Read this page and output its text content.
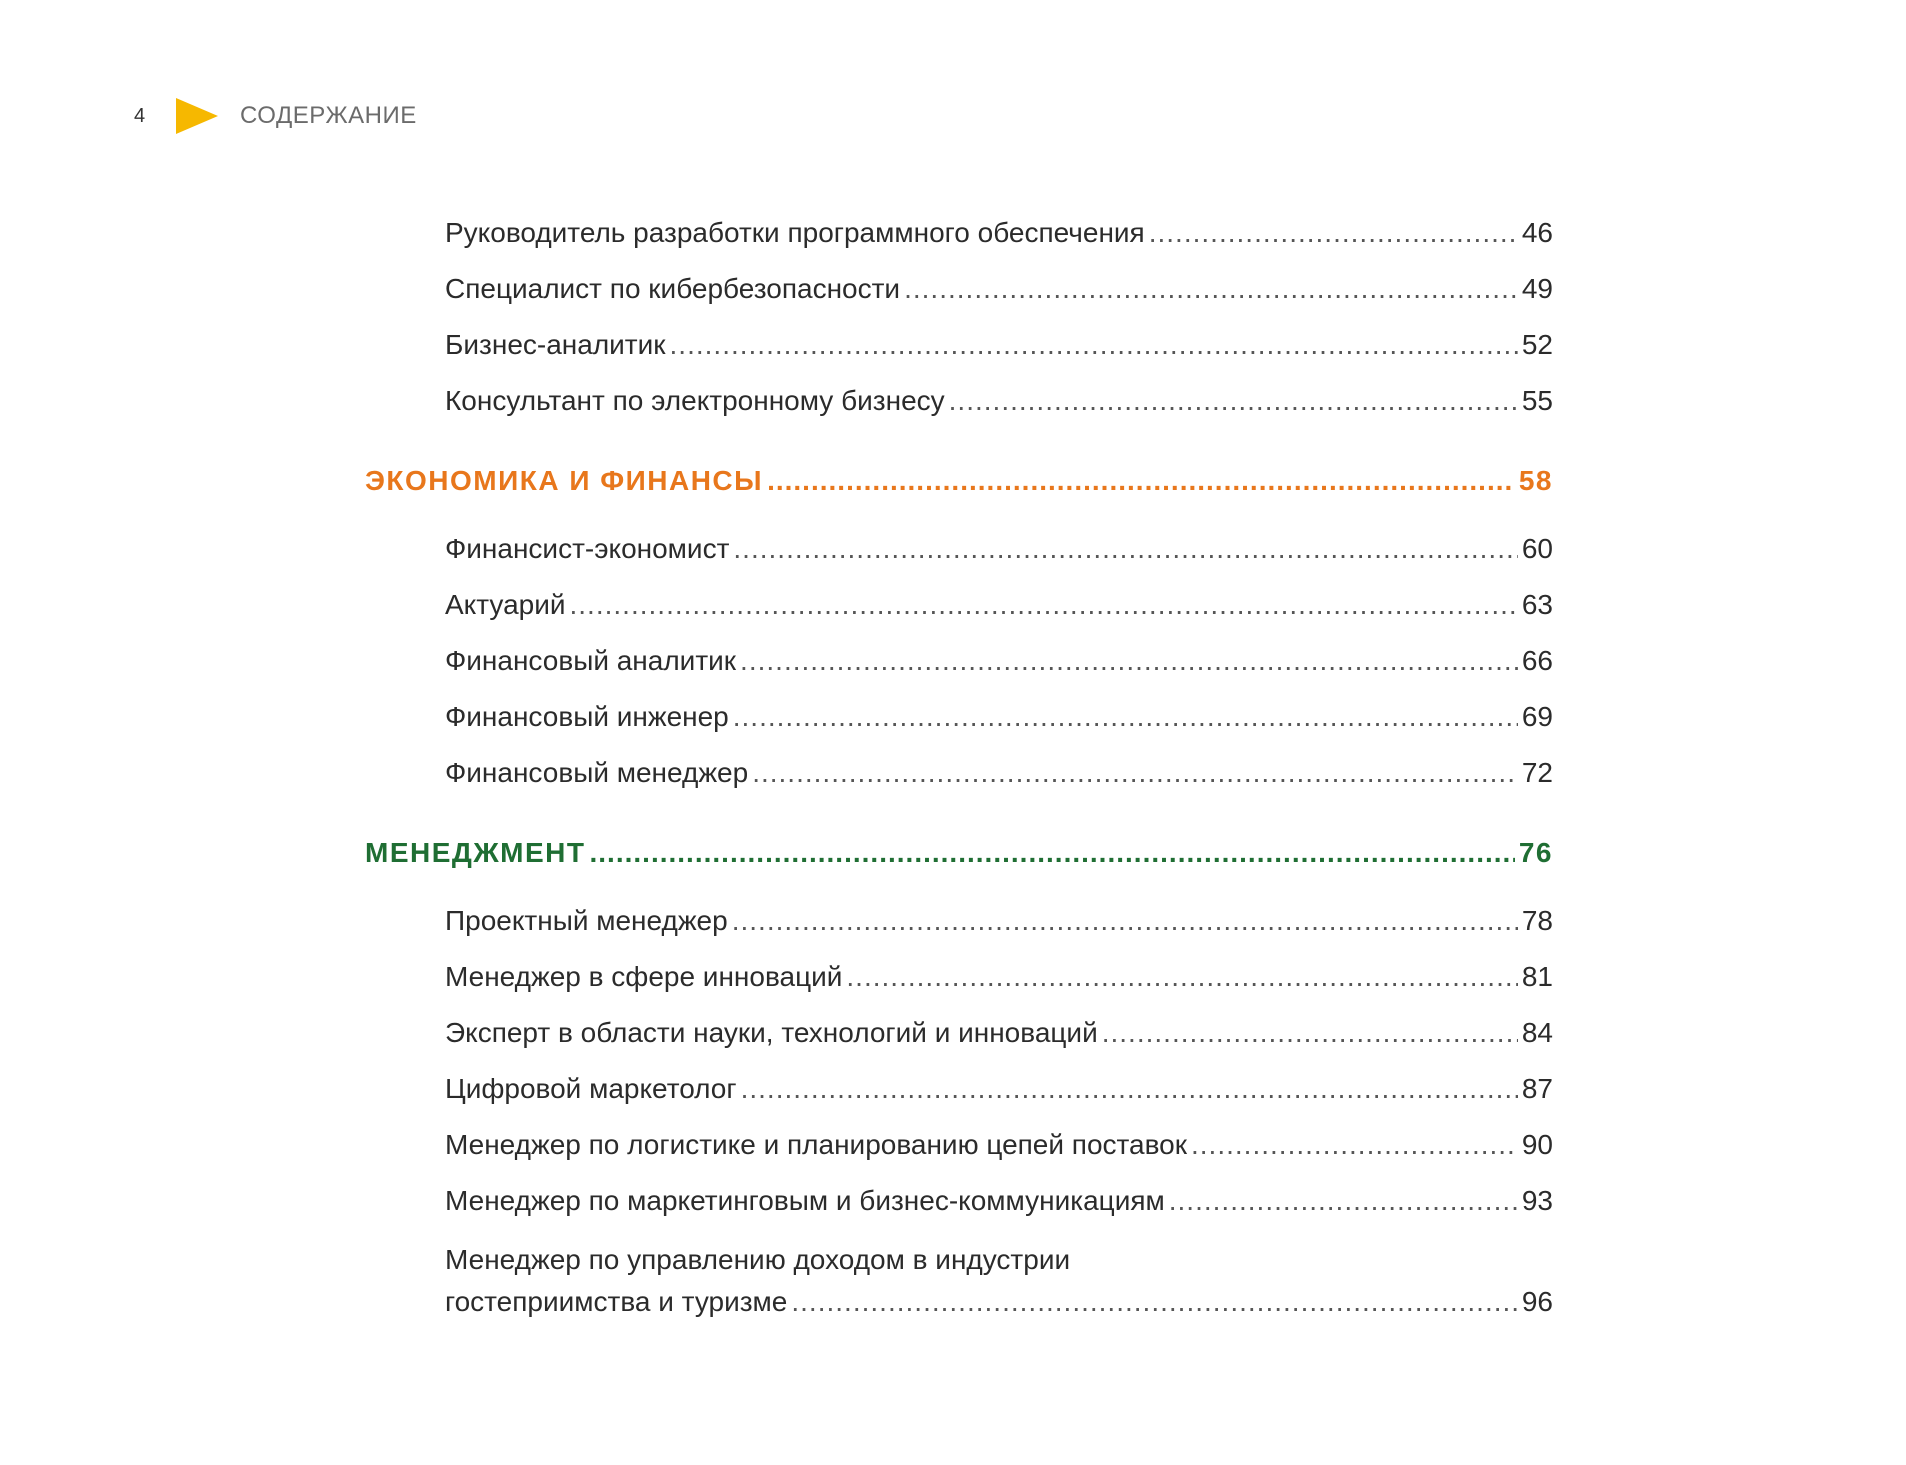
4	СОДЕРЖАНИЕ
Руководитель разработки программного обеспечения .....	46
Специалист по кибербезопасности .....	49
Бизнес-аналитик .....	52
Консультант по электронному бизнесу .....	55
ЭКОНОМИКА И ФИНАНСЫ .....	58
Финансист-экономист .....	60
Актуарий .....	63
Финансовый аналитик .....	66
Финансовый инженер .....	69
Финансовый менеджер .....	72
МЕНЕДЖМЕНТ .....	76
Проектный менеджер .....	78
Менеджер в сфере инноваций .....	81
Эксперт в области науки, технологий и инноваций .....	84
Цифровой маркетолог .....	87
Менеджер по логистике и планированию цепей поставок .....	90
Менеджер по маркетинговым и бизнес-коммуникациям .....	93
Менеджер по управлению доходом в индустрии
гостеприимства и туризме .....	96
